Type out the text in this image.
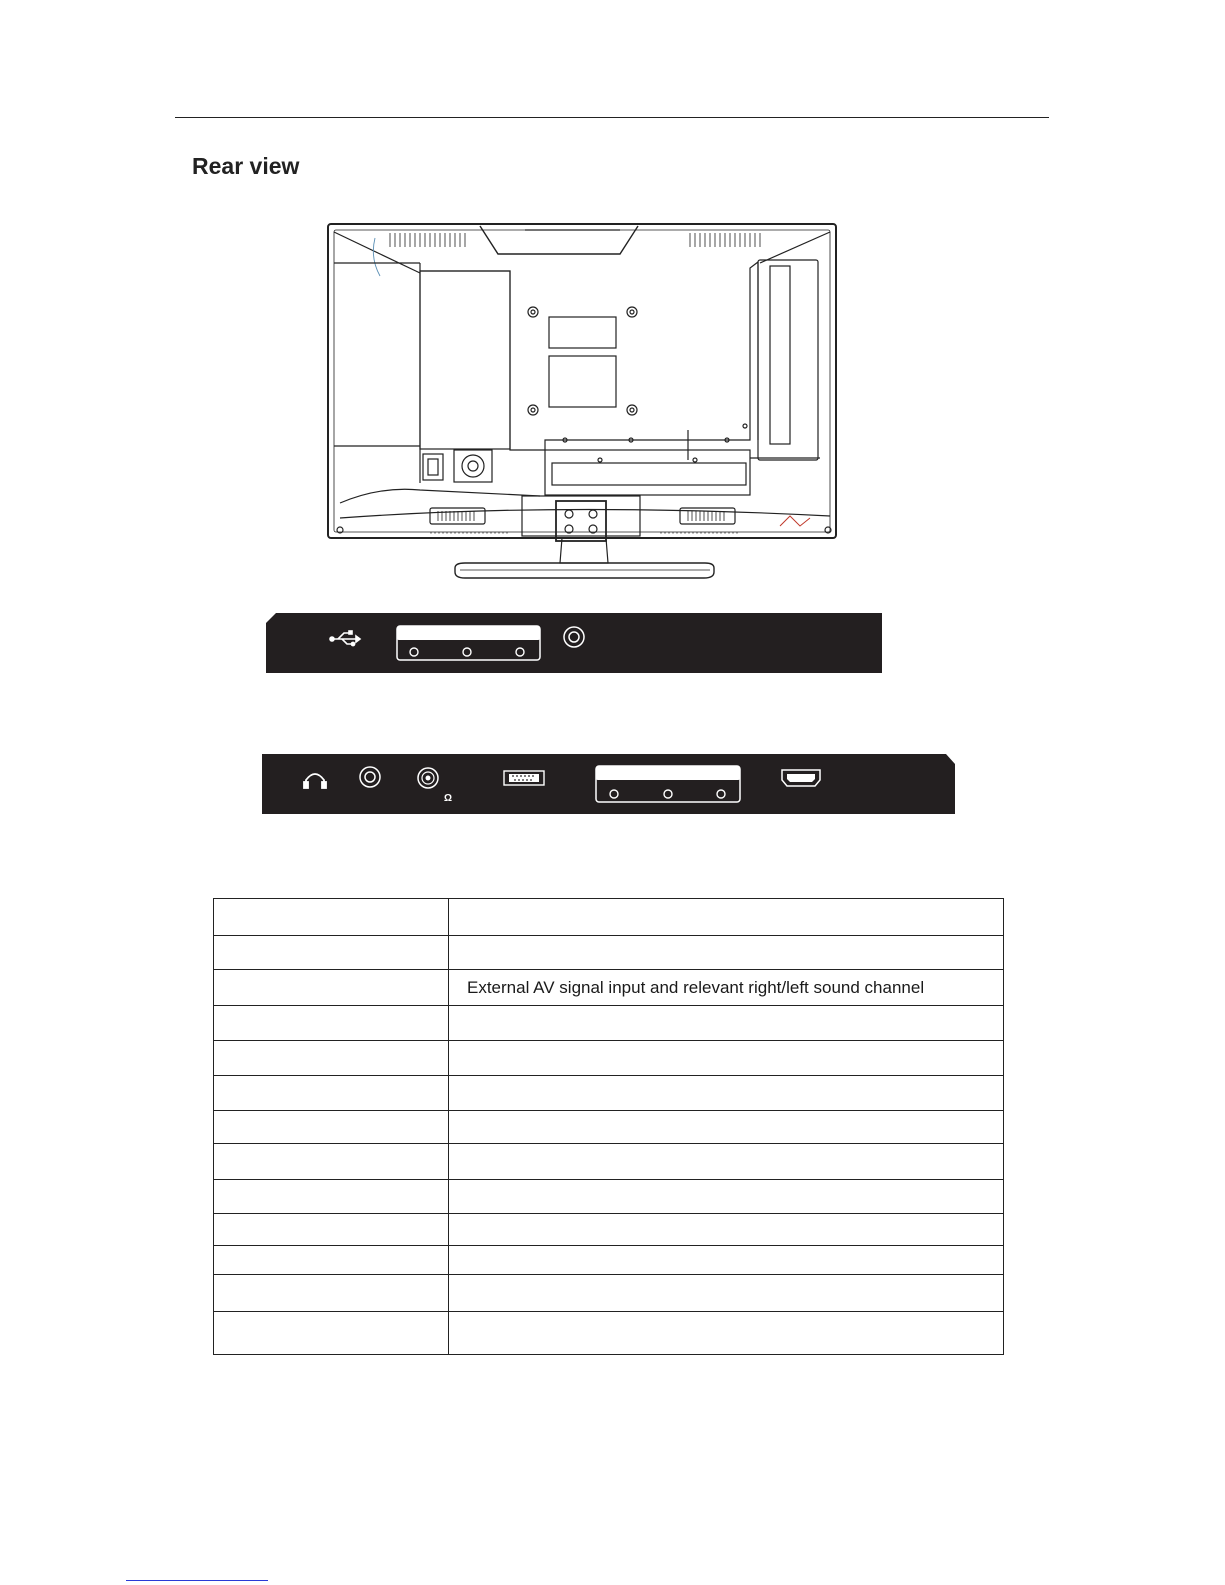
Rear view
Ω

	External AV signal input and relevant right/left sound channel
